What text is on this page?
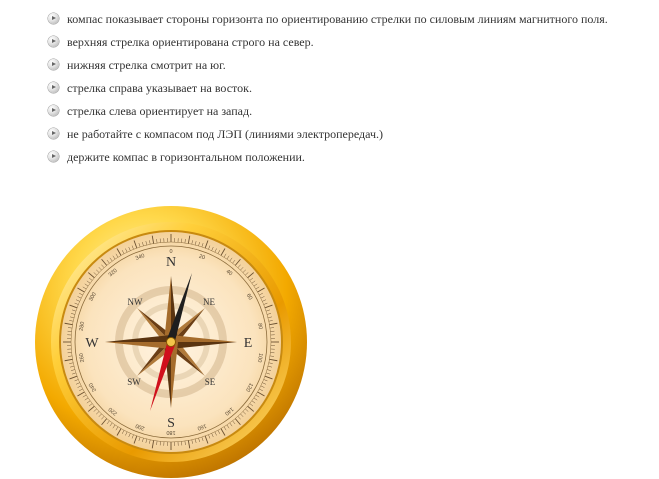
компас показывает стороны горизонта по ориентированию стрелки по силовым линиям магнитного поля.
верхняя стрелка ориентирована строго на север.
нижняя стрелка смотрит на юг.
стрелка справа указывает на восток.
стрелка слева ориентирует на запад.
не работайте с компасом под ЛЭП (линиями электропередач.)
держите компас в горизонтальном положении.
0
20
40
60
80
100
120
140
160
180
200
220
240
260
280
300
320
340 N
S
E
W
NE
NW
SE
SW
